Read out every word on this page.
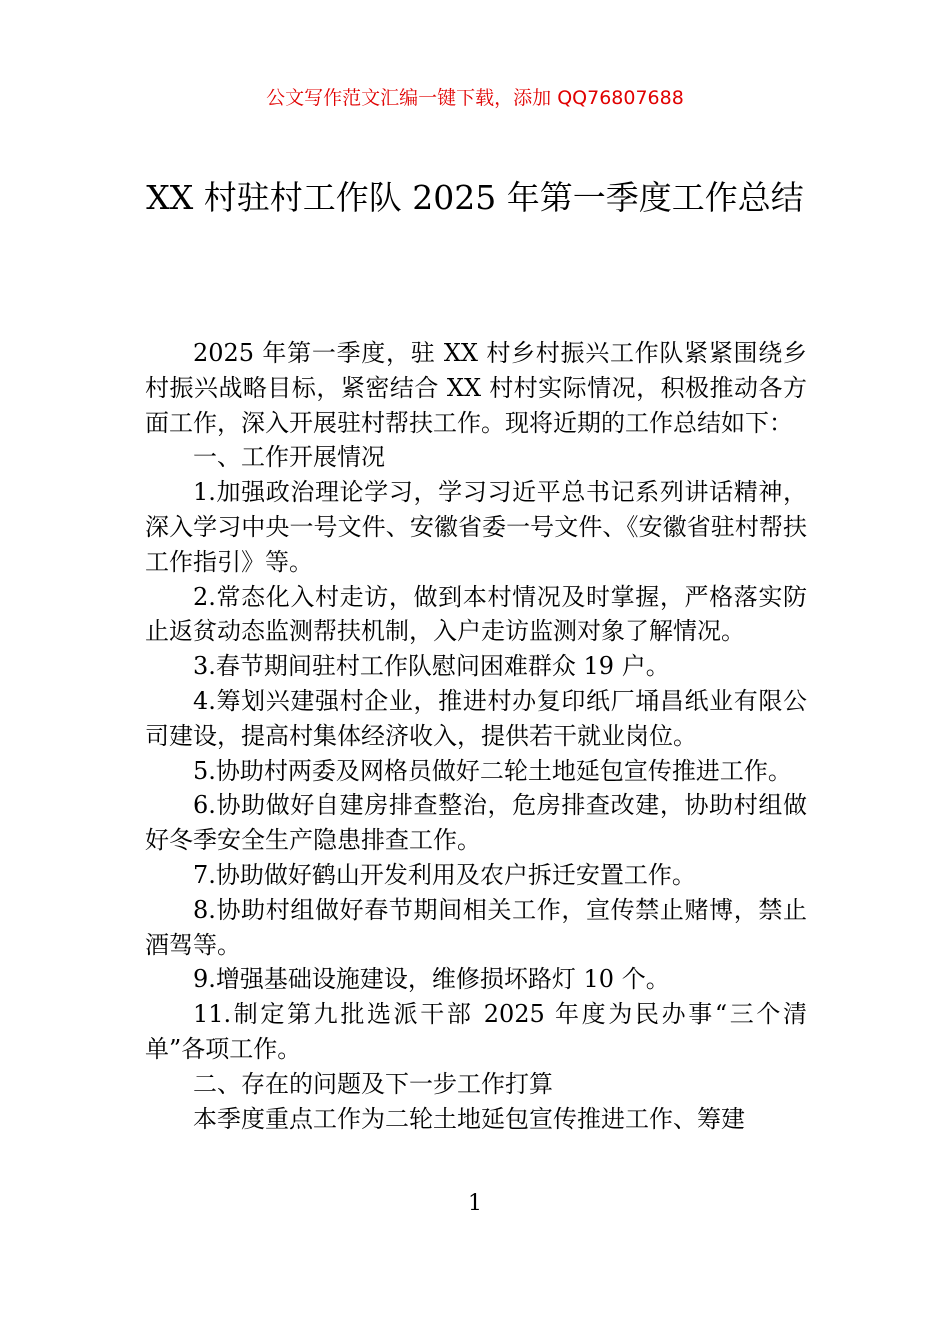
公文写作范文汇编一键下载，添加 QQ76807688
XX 村驻村工作队 2025 年第一季度工作总结

2025 年第一季度，驻 XX 村乡村振兴工作队紧紧围绕乡村振兴战略目标，紧密结合 XX 村村实际情况，积极推动各方面工作，深入开展驻村帮扶工作。现将近期的工作总结如下：

一、工作开展情况

1.加强政治理论学习，学习习近平总书记系列讲话精神，深入学习中央一号文件、安徽省委一号文件、《安徽省驻村帮扶工作指引》等。

2.常态化入村走访，做到本村情况及时掌握，严格落实防止返贫动态监测帮扶机制，入户走访监测对象了解情况。

3.春节期间驻村工作队慰问困难群众 19 户。

4.筹划兴建强村企业，推进村办复印纸厂埇昌纸业有限公司建设，提高村集体经济收入，提供若干就业岗位。

5.协助村两委及网格员做好二轮土地延包宣传推进工作。

6.协助做好自建房排查整治，危房排查改建，协助村组做好冬季安全生产隐患排查工作。

7.协助做好鹤山开发利用及农户拆迁安置工作。

8.协助村组做好春节期间相关工作，宣传禁止赌博，禁止酒驾等。

9.增强基础设施建设，维修损坏路灯 10 个。

11.制定第九批选派干部 2025 年度为民办事“三个清单”各项工作。

二、存在的问题及下一步工作打算

本季度重点工作为二轮土地延包宣传推进工作、筹建

1
